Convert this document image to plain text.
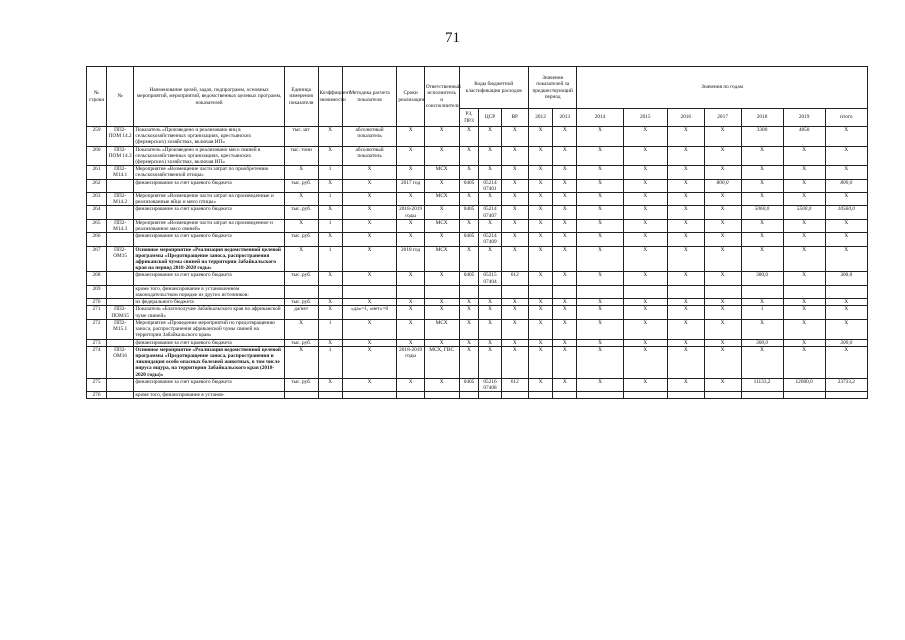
71
№ строки	№	Наименование целей, задач, подпрограмм, основных мероприятий, мероприятий, ведомственных целевых программ, показателей	Единица измерения показателя	Коэффициент значимости	Методика расчета показателя	Сроки реализации	Ответственный исполнитель и соисполнители	Коды бюджетной классификации расходов			Значения показателей за предшествующий период		Значения по годам						
								РЗ, ПРЗ	ЦСР	ВР	2012	2013	2014	2015	2016	2017	2018	2019	итого
259	ПП2-ПОМ 14.2	Показатель «Произведено и реализовано яиц в сельскохозяйственных организациях, крестьянских (фермерских) хозяйствах, включая ИП»	тыс. шт	X	абсолютный показатель	X	X	X	X	X	X	X	X	X	X	X	3300	4850	X
260	ПП2-ПОМ 14.3	Показатель «Произведено и реализовано мясо свиней в сельскохозяйственных организациях, крестьянских (фермерских) хозяйствах, включая ИП»	тыс. тонн	X	абсолютный показатель	X	X	X	X	X	X	X	X	X	X	X	X	X	X
261	ПП2-М14.1	Мероприятие «Возмещение части затрат по приобретению сельскохозяйственной птицы»	X	1	X	X	МСХ	X	X	X	X	X	X	X	X	X	X	X	X
262		финансирование за счет краевого бюджета	тыс. руб.	X	X	2017 год	X	0405	05214 07401	X	X	X	X	X	X	800,0	X	X	800,0
263	ПП2-М14.2	Мероприятие «Возмещение части затрат на произведенные и реализованные яйцо и мясо птицы»	X	1	X	X	МСХ	X	X	X	X	X	X	X	X	X	X	X	X
264		финансирование за счет краевого бюджета	тыс. руб.	X	X	2018-2019 годы	X	0405	05214 07407	X	X	X	X	X	X	X	5060,0	5500,0	10560,0
265	ПП2-М14.3	Мероприятие «Возмещение части затрат на произведенное и реализованное мясо свиней»	X	1	X	X	МСХ	X	X	X	X	X	X	X	X	X	X	X	X
266		финансирование за счет краевого бюджета	тыс. руб.	X	X	X	X	0405	05214 07409	X	X	X	X	X	X	X	X	X	X
267	ПП2-ОМ15	Основное мероприятие «Реализация ведомственной целевой программы «Предотвращение заноса, распространения африканской чумы свиней на территории Забайкальского края на период 2018-2020 годы»	X	1	X	2018 год	МСХ	X	X	X	X	X	X	X	X	X	X	X	X
268		финансирование за счет краевого бюджета	тыс. руб.	X	X	X	X	0405	05215 07404	612	X	X	X	X	X	X	300,0	X	300,0
269		кроме того, финансирование в установленном законодательством порядке из других источников:																	
270		из федерального бюджета	тыс. руб.	X	X	X	X	X	X	X	X	X	X	X	X	X	X	X	X
271	ПП2-ПОМ15	Показатель «Благополучие Забайкальского края по африканской чуме свиней»	да/нет	X	«да»=1, «нет»=0	X	X	X	X	X	X	X	X	X	X	X	1	X	X
272	ПП2-М15.1	Мероприятие «Проведение мероприятий по предотвращению заноса, распространения африканской чумы свиней на территории Забайкальского края»	X	1	X	X	МСХ	X	X	X	X	X	X	X	X	X	X	X	X
273		финансирование за счет краевого бюджета	тыс. руб.	X	X	X	X	X	X	X	X	X	X	X	X	X	300,0	X	300,0
274	ПП2-ОМ16	Основное мероприятие «Реализация ведомственной целевой программы «Предотвращение заноса, распространения и ликвидация особо опасных болезней животных, в том числе вируса ящура, на территории Забайкальского края (2018-2020 годы)»	X	1	X	2018-2019 годы	МСХ, ГВС	X	X	X	X	X	X	X	X	X	X	X	X
275		финансирование за счет краевого бюджета	тыс. руб.	X	X	X	X	0405	05216 07408	612	X	X	X	X	X	X	11133,2	12600,0	23733,2
276		кроме того, финансирование в установ-																	
